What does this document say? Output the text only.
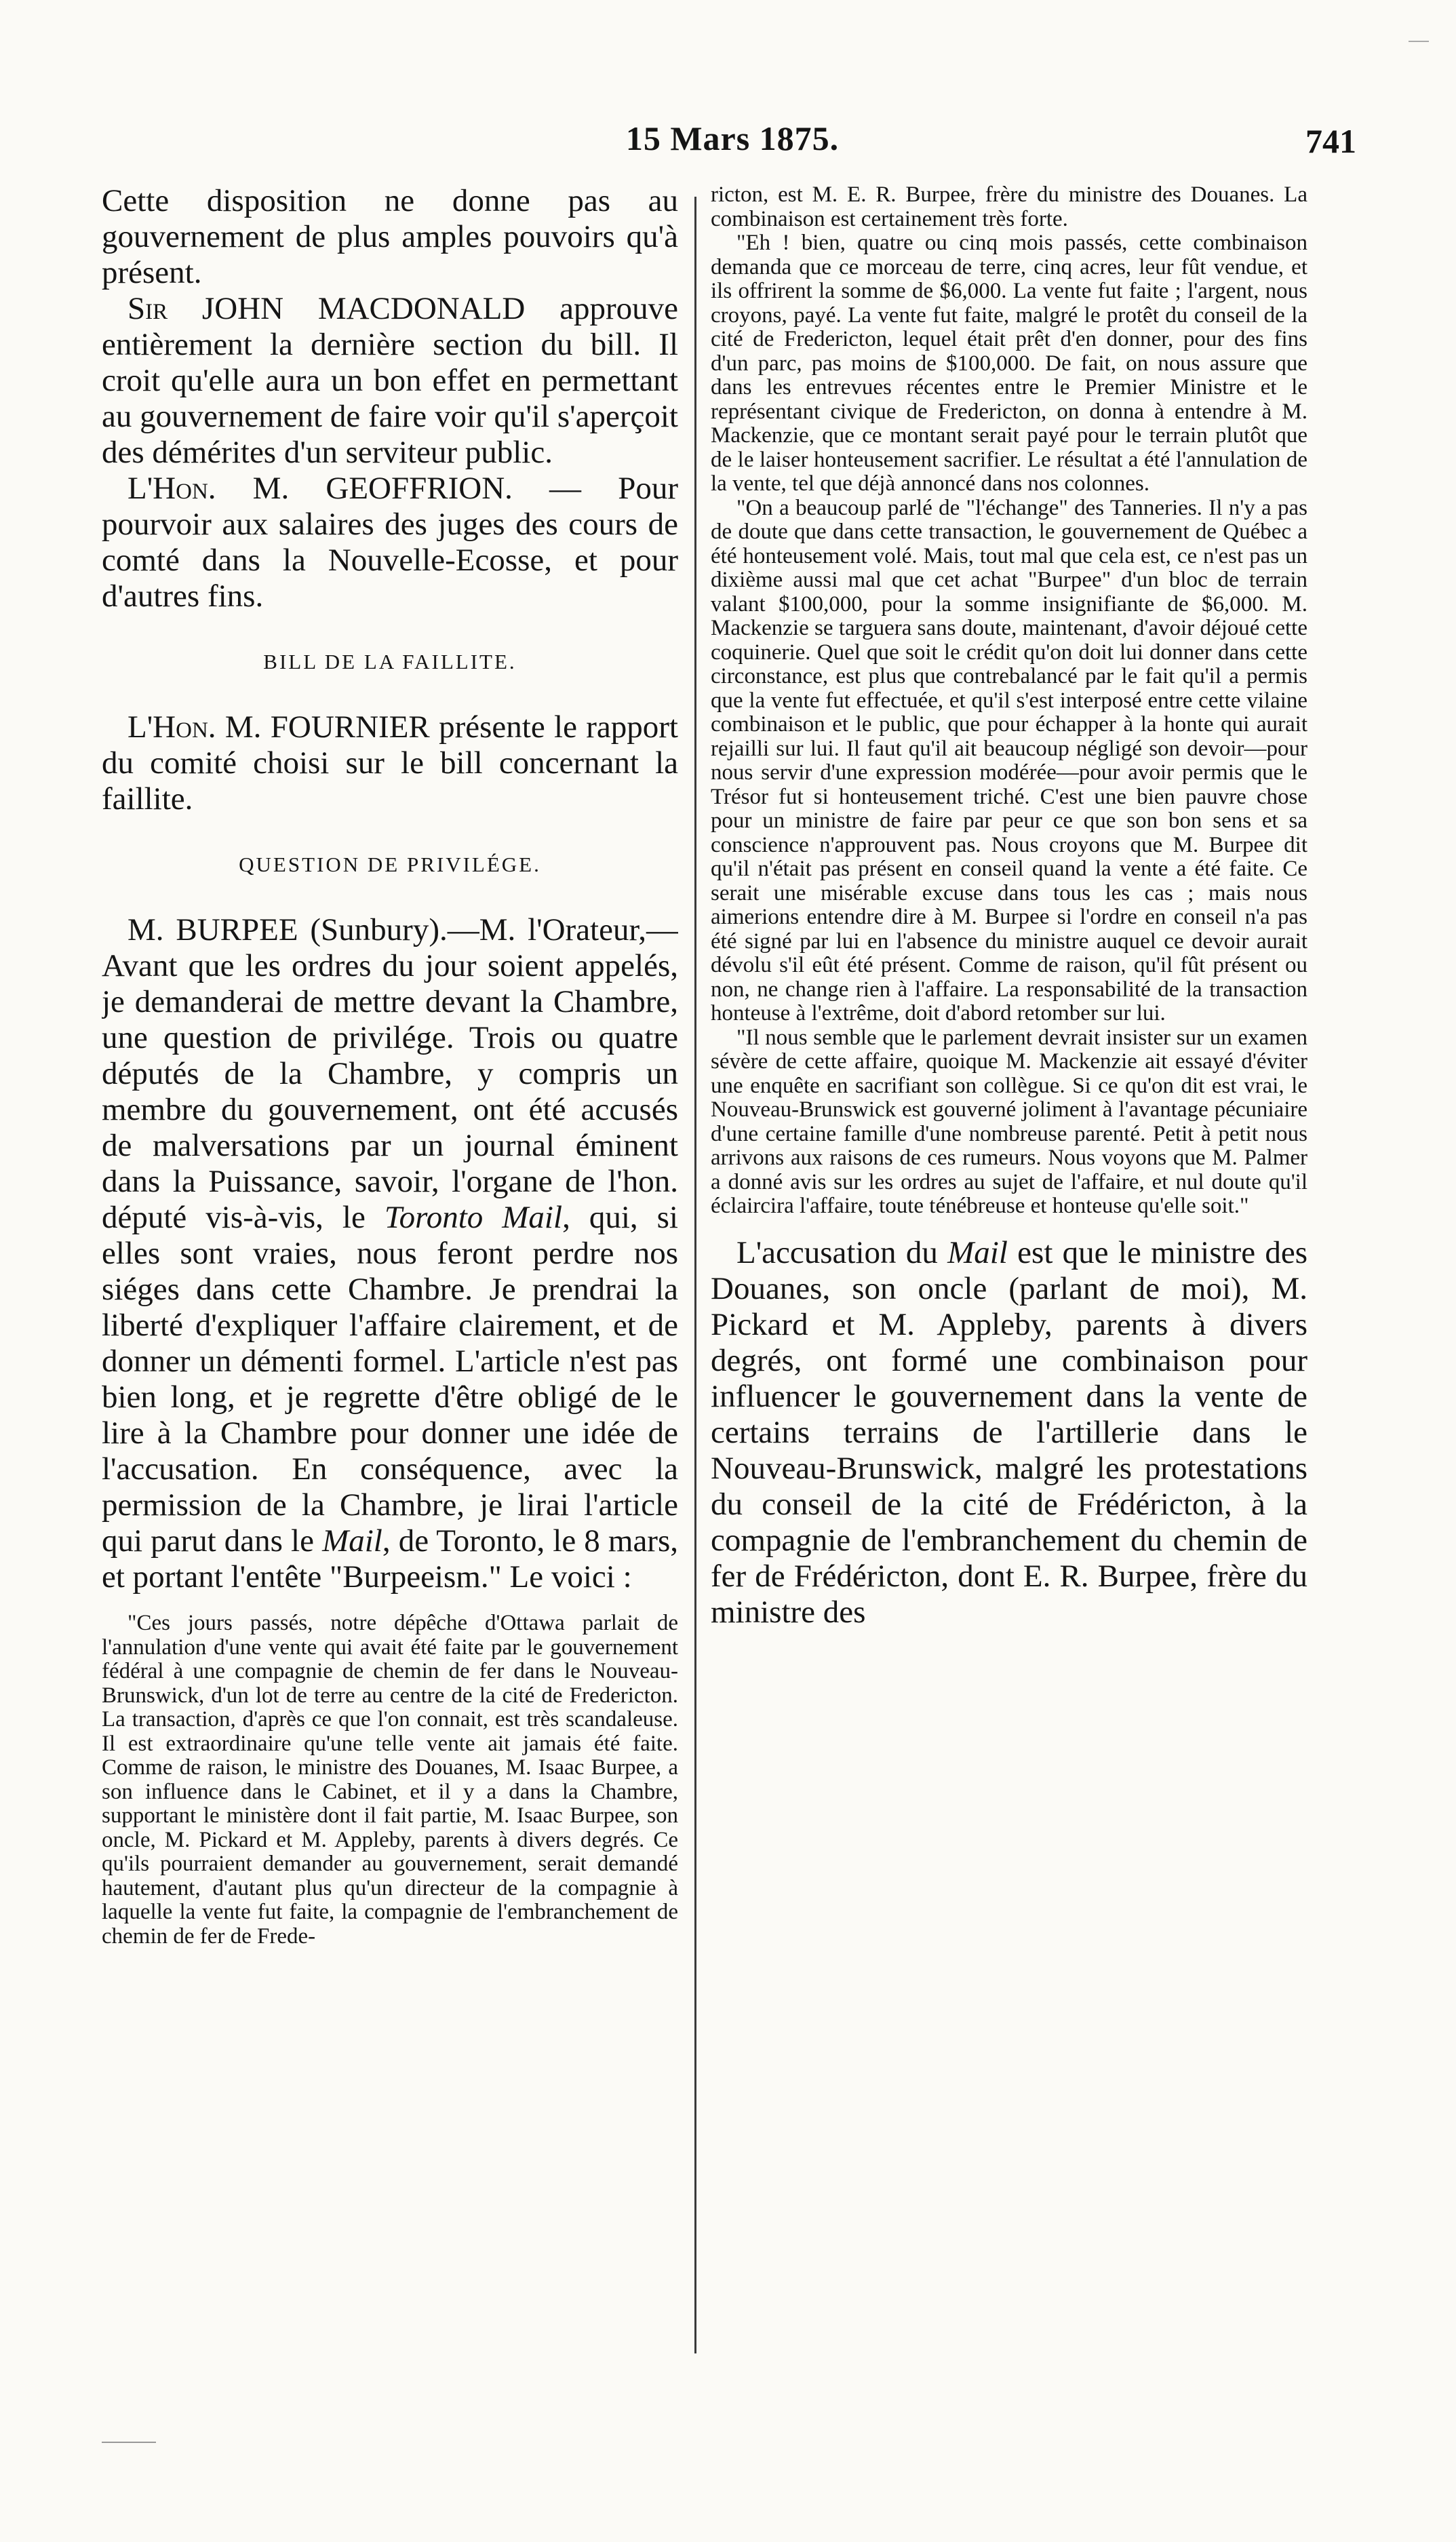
15 Mars 1875.	741

Cette disposition ne donne pas au gouvernement de plus amples pouvoirs qu'à présent.

Sir JOHN MACDONALD approuve entièrement la dernière section du bill. Il croit qu'elle aura un bon effet en permettant au gouvernement de faire voir qu'il s'aperçoit des démérites d'un serviteur public.

L'Hon. M. GEOFFRION. — Pour pourvoir aux salaires des juges des cours de comté dans la Nouvelle-Ecosse, et pour d'autres fins.

BILL DE LA FAILLITE.

L'Hon. M. FOURNIER présente le rapport du comité choisi sur le bill concernant la faillite.

QUESTION DE PRIVILÉGE.

M. BURPEE (Sunbury).—M. l'Orateur,—Avant que les ordres du jour soient appelés, je demanderai de mettre devant la Chambre, une question de privilége. Trois ou quatre députés de la Chambre, y compris un membre du gouvernement, ont été accusés de malversations par un journal éminent dans la Puissance, savoir, l'organe de l'hon. député vis-à-vis, le Toronto Mail, qui, si elles sont vraies, nous feront perdre nos siéges dans cette Chambre. Je prendrai la liberté d'expliquer l'affaire clairement, et de donner un démenti formel. L'article n'est pas bien long, et je regrette d'être obligé de le lire à la Chambre pour donner une idée de l'accusation. En conséquence, avec la permission de la Chambre, je lirai l'article qui parut dans le Mail, de Toronto, le 8 mars, et portant l'entête "Burpeeism." Le voici :

"Ces jours passés, notre dépêche d'Ottawa parlait de l'annulation d'une vente qui avait été faite par le gouvernement fédéral à une compagnie de chemin de fer dans le Nouveau-Brunswick, d'un lot de terre au centre de la cité de Fredericton. La transaction, d'après ce que l'on connait, est très scandaleuse. Il est extraordinaire qu'une telle vente ait jamais été faite. Comme de raison, le ministre des Douanes, M. Isaac Burpee, a son influence dans le Cabinet, et il y a dans la Chambre, supportant le ministère dont il fait partie, M. Isaac Burpee, son oncle, M. Pickard et M. Appleby, parents à divers degrés. Ce qu'ils pourraient demander au gouvernement, serait demandé hautement, d'autant plus qu'un directeur de la compagnie à laquelle la vente fut faite, la compagnie de l'embranchement de chemin de fer de Frede-

ricton, est M. E. R. Burpee, frère du ministre des Douanes. La combinaison est certainement très forte.

"Eh ! bien, quatre ou cinq mois passés, cette combinaison demanda que ce morceau de terre, cinq acres, leur fût vendue, et ils offrirent la somme de $6,000. La vente fut faite ; l'argent, nous croyons, payé. La vente fut faite, malgré le protêt du conseil de la cité de Fredericton, lequel était prêt d'en donner, pour des fins d'un parc, pas moins de $100,000. De fait, on nous assure que dans les entrevues récentes entre le Premier Ministre et le représentant civique de Fredericton, on donna à entendre à M. Mackenzie, que ce montant serait payé pour le terrain plutôt que de le laiser honteusement sacrifier. Le résultat a été l'annulation de la vente, tel que déjà annoncé dans nos colonnes.

"On a beaucoup parlé de "l'échange" des Tanneries. Il n'y a pas de doute que dans cette transaction, le gouvernement de Québec a été honteusement volé. Mais, tout mal que cela est, ce n'est pas un dixième aussi mal que cet achat "Burpee" d'un bloc de terrain valant $100,000, pour la somme insignifiante de $6,000. M. Mackenzie se targuera sans doute, maintenant, d'avoir déjoué cette coquinerie. Quel que soit le crédit qu'on doit lui donner dans cette circonstance, est plus que contrebalancé par le fait qu'il a permis que la vente fut effectuée, et qu'il s'est interposé entre cette vilaine combinaison et le public, que pour échapper à la honte qui aurait rejailli sur lui. Il faut qu'il ait beaucoup négligé son devoir—pour nous servir d'une expression modérée—pour avoir permis que le Trésor fut si honteusement triché. C'est une bien pauvre chose pour un ministre de faire par peur ce que son bon sens et sa conscience n'approuvent pas. Nous croyons que M. Burpee dit qu'il n'était pas présent en conseil quand la vente a été faite. Ce serait une misérable excuse dans tous les cas ; mais nous aimerions entendre dire à M. Burpee si l'ordre en conseil n'a pas été signé par lui en l'absence du ministre auquel ce devoir aurait dévolu s'il eût été présent. Comme de raison, qu'il fût présent ou non, ne change rien à l'affaire. La responsabilité de la transaction honteuse à l'extrême, doit d'abord retomber sur lui.

"Il nous semble que le parlement devrait insister sur un examen sévère de cette affaire, quoique M. Mackenzie ait essayé d'éviter une enquête en sacrifiant son collègue. Si ce qu'on dit est vrai, le Nouveau-Brunswick est gouverné joliment à l'avantage pécuniaire d'une certaine famille d'une nombreuse parenté. Petit à petit nous arrivons aux raisons de ces rumeurs. Nous voyons que M. Palmer a donné avis sur les ordres au sujet de l'affaire, et nul doute qu'il éclaircira l'affaire, toute ténébreuse et honteuse qu'elle soit."

L'accusation du Mail est que le ministre des Douanes, son oncle (parlant de moi), M. Pickard et M. Appleby, parents à divers degrés, ont formé une combinaison pour influencer le gouvernement dans la vente de certains terrains de l'artillerie dans le Nouveau-Brunswick, malgré les protestations du conseil de la cité de Frédéricton, à la compagnie de l'embranchement du chemin de fer de Frédéricton, dont E. R. Burpee, frère du ministre des
